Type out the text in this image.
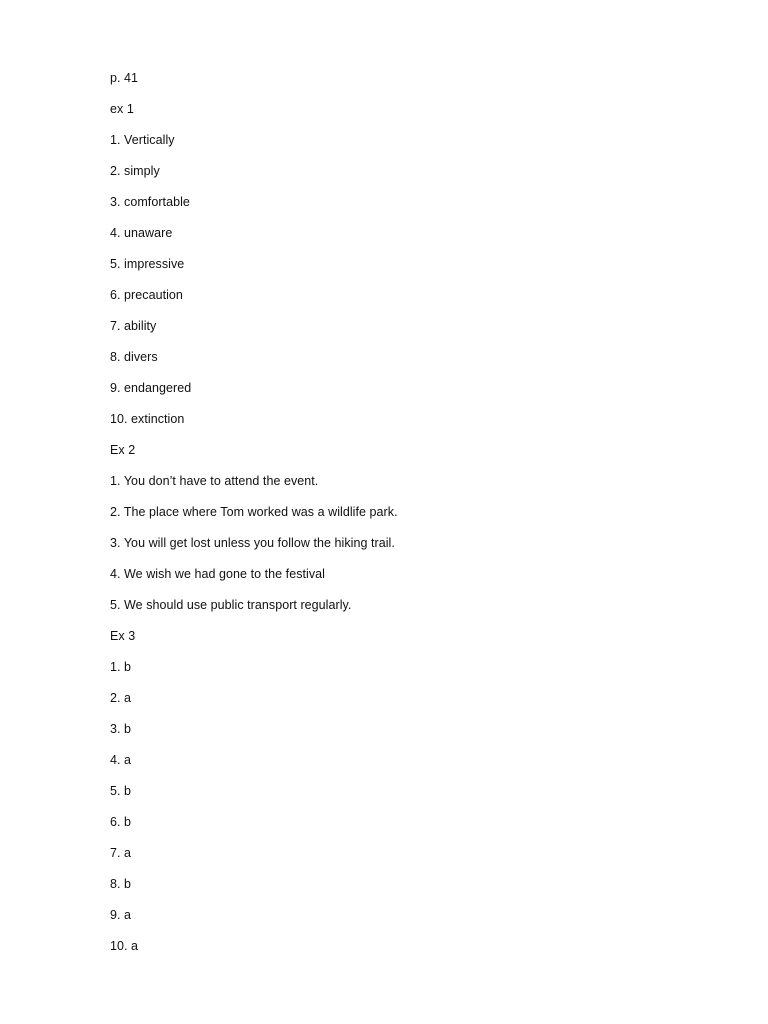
p. 41
ex 1
1. Vertically
2. simply
3. comfortable
4. unaware
5. impressive
6. precaution
7. ability
8. divers
9. endangered
10. extinction
Ex 2
1. You don’t have to attend the event.
2. The place where Tom worked was a wildlife park.
3. You will get lost unless you follow the hiking trail.
4. We wish we had gone to the festival
5. We should use public transport regularly.
Ex 3
1. b
2. a
3. b
4. a
5. b
6. b
7. a
8. b
9. a
10. a
